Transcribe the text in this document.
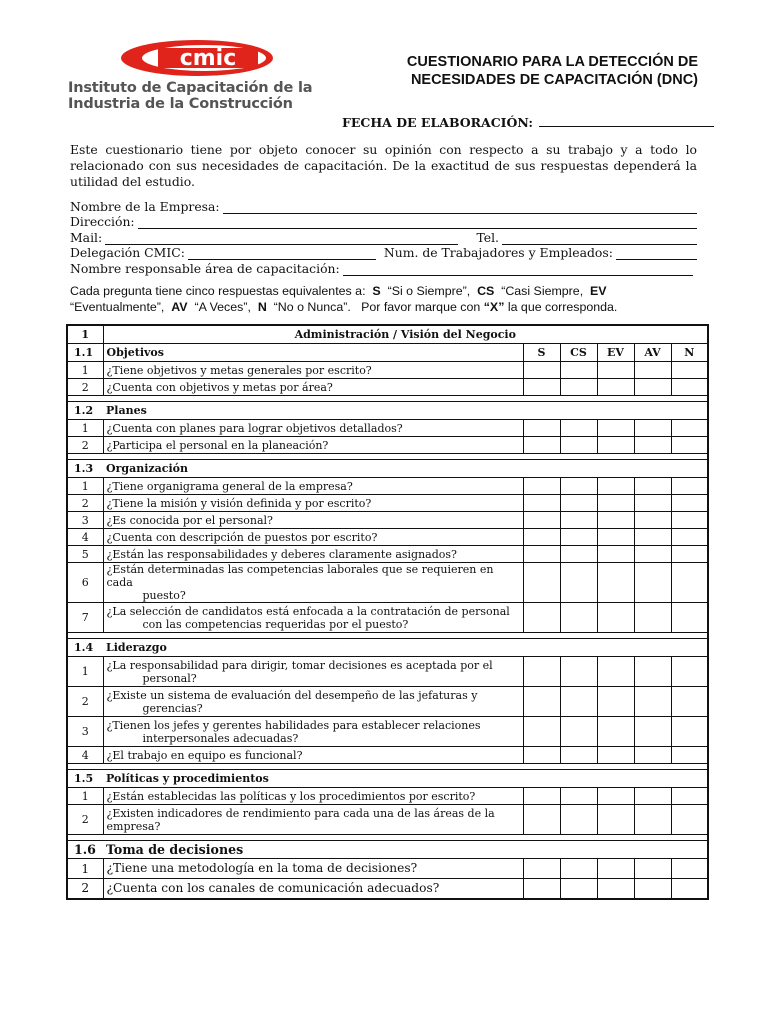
cmic
Instituto de Capacitación de la
Industria de la Construcción
CUESTIONARIO PARA LA DETECCIÓN DE
NECESIDADES DE CAPACITACIÓN (DNC)
FECHA DE ELABORACIÓN:
Este cuestionario tiene por objeto conocer su opinión con respecto a su trabajo y a todo lo relacionado con sus necesidades de capacitación. De la exactitud de sus respuestas dependerá la utilidad del estudio.
Nombre de la Empresa:
Dirección:
Mail:	Tel.
Delegación CMIC:	Num. de Trabajadores y Empleados:
Nombre responsable área de capacitación:
Cada pregunta tiene cinco respuestas equivalentes a: S “Si o Siempre”, CS “Casi Siempre, EV “Eventualmente”, AV “A Veces”, N “No o Nunca”. Por favor marque con “X” la que corresponda.
1	Administración / Visión del Negocio					
1.1	Objetivos	S	CS	EV	AV	N
1	¿Tiene objetivos y metas generales por escrito?					

2	¿Cuenta con objetivos y metas por área?					

1.2	Planes					
1	¿Cuenta con planes para lograr objetivos detallados?					

2	¿Participa el personal en la planeación?					

1.3	Organización					
1	¿Tiene organigrama general de la empresa?					

2	¿Tiene la misión y visión definida y por escrito?					

3	¿Es conocida por el personal?					

4	¿Cuenta con descripción de puestos por escrito?					

5	¿Están las responsabilidades y deberes claramente asignados?					

6	¿Están determinadas las competencias laborales que se requieren en cada
puesto?					

7	¿La selección de candidatos está enfocada a la contratación de personal
con las competencias requeridas por el puesto?					

1.4	Liderazgo					
1	¿La responsabilidad para dirigir, tomar decisiones es aceptada por el
personal?					

2	¿Existe un sistema de evaluación del desempeño de las jefaturas y
gerencias?					

3	¿Tienen los jefes y gerentes habilidades para establecer relaciones
interpersonales adecuadas?					

4	¿El trabajo en equipo es funcional?					

1.5	Políticas y procedimientos					
1	¿Están establecidas las políticas y los procedimientos por escrito?					

2	¿Existen indicadores de rendimiento para cada una de las áreas de la
empresa?					

1.6	Toma de decisiones					
1	¿Tiene una metodología en la toma de decisiones?					

2	¿Cuenta con los canales de comunicación adecuados?					
